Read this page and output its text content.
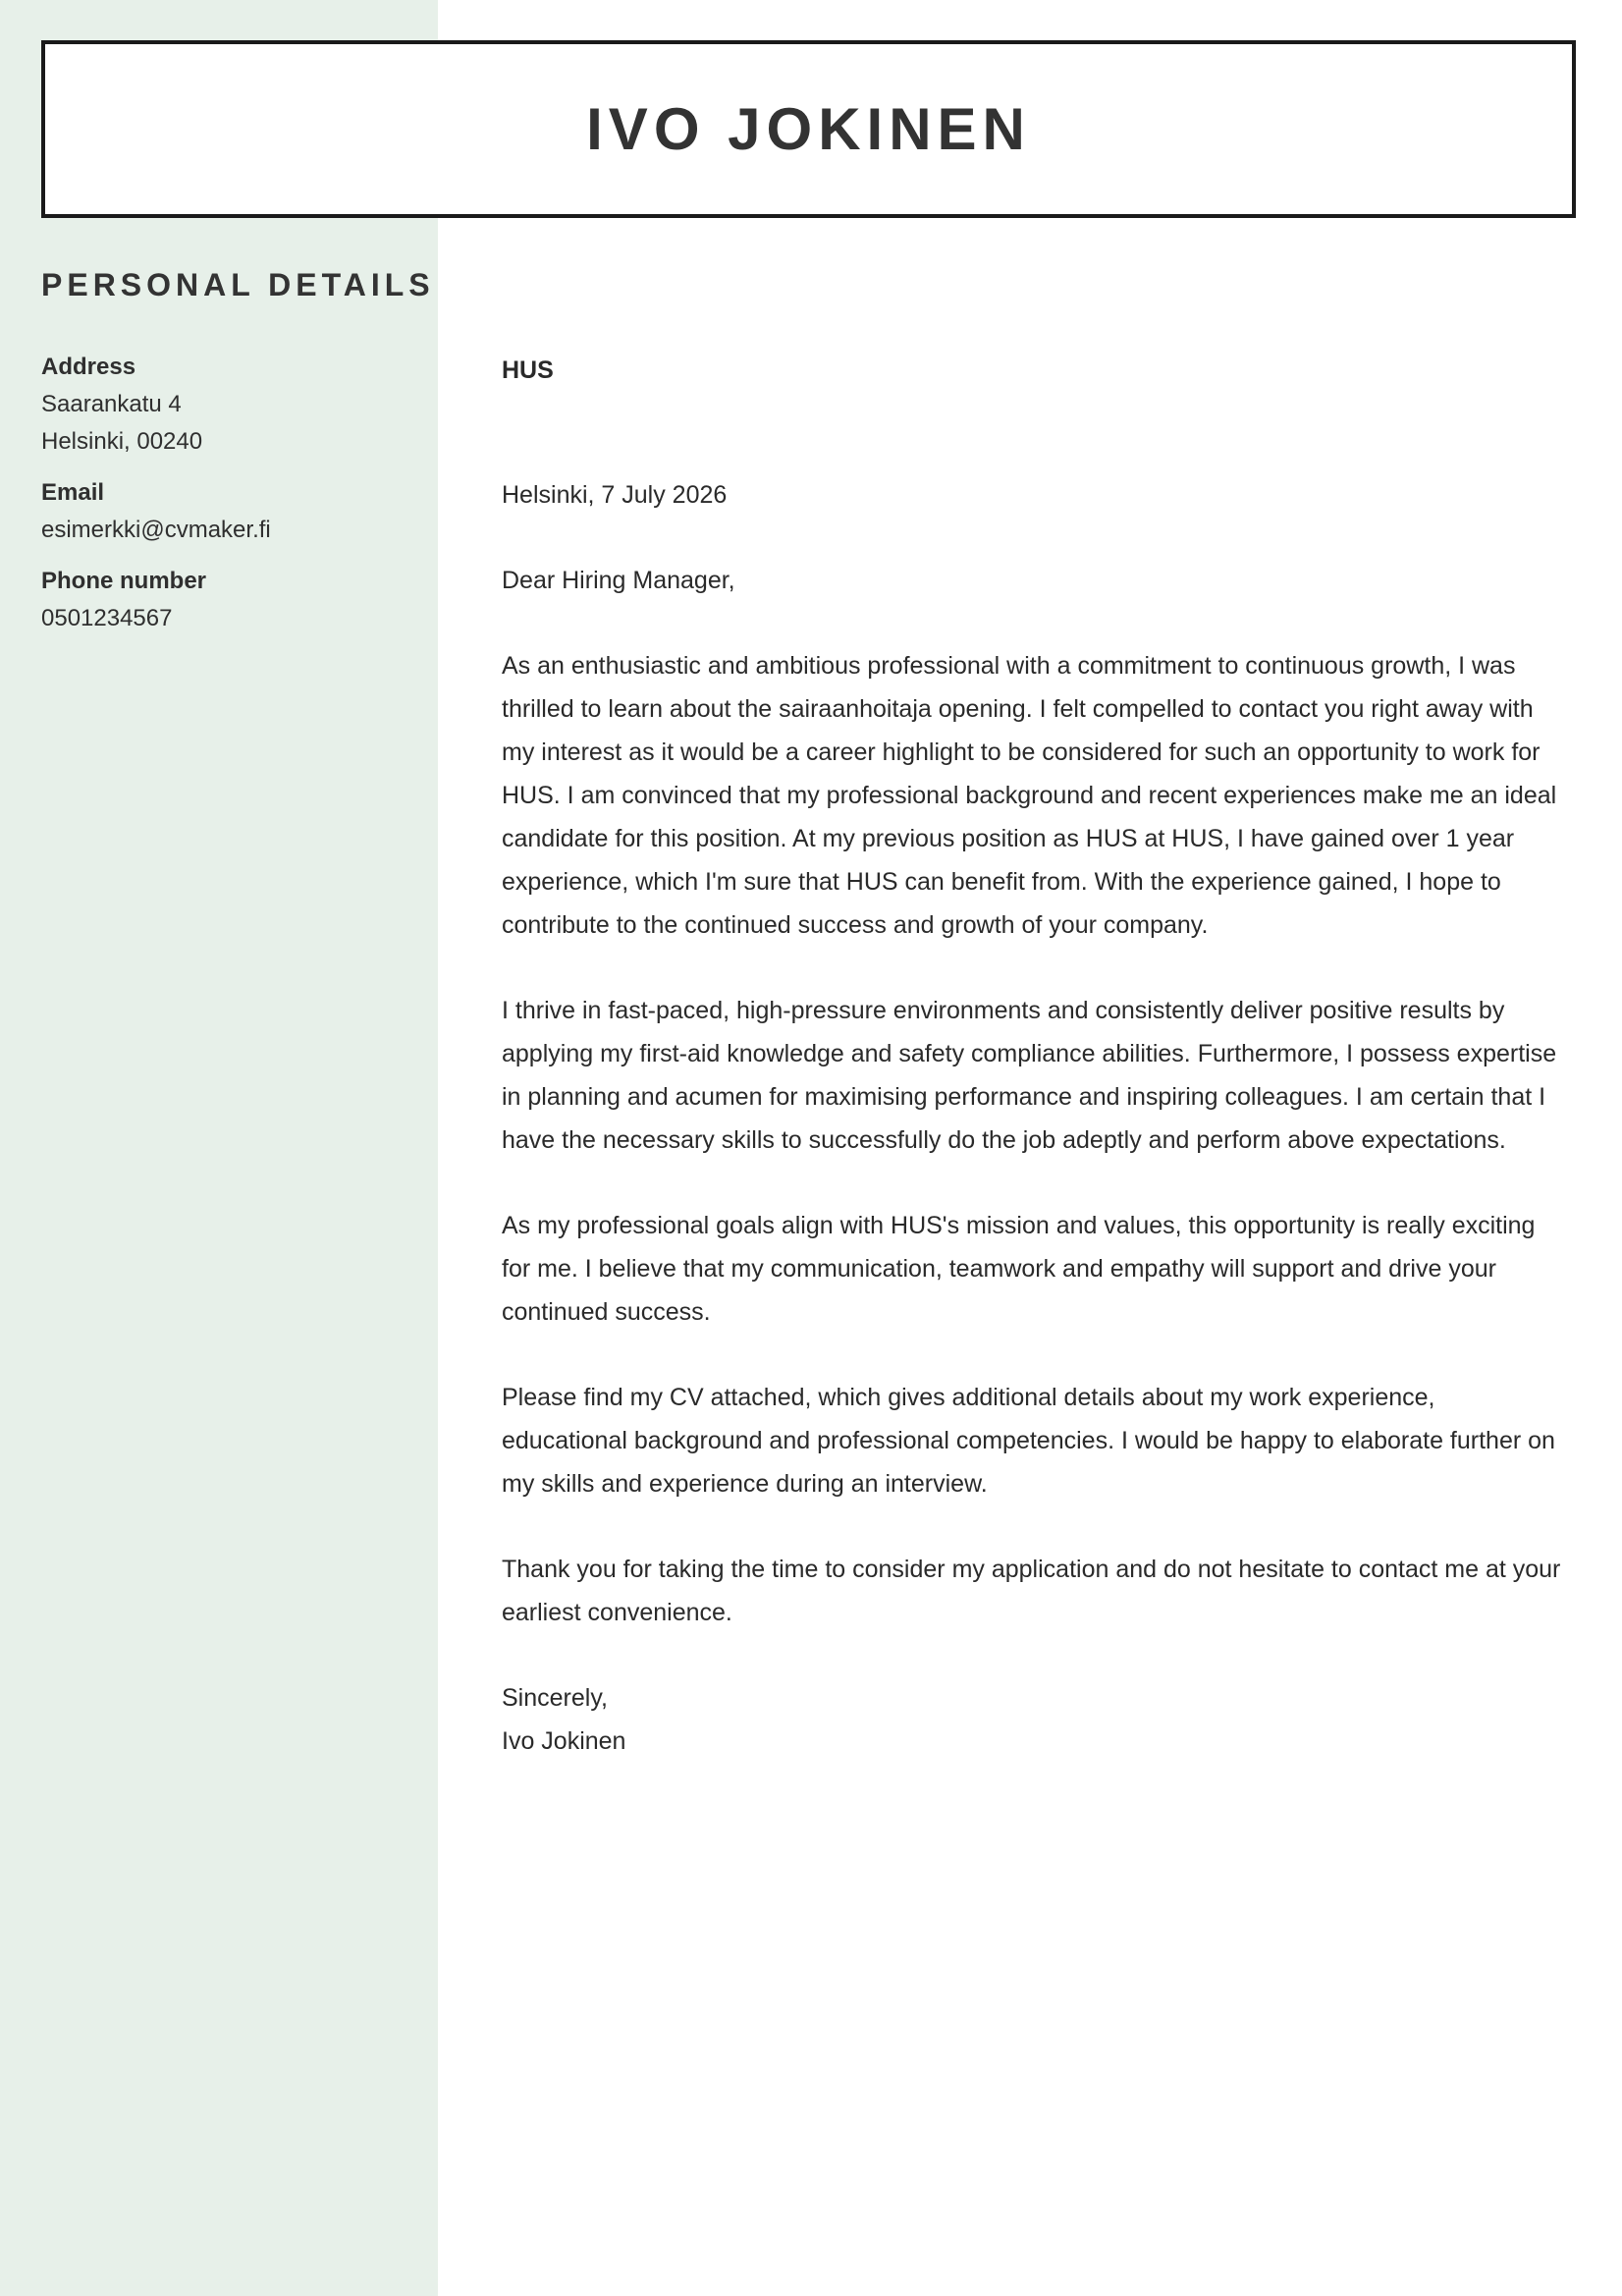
IVO JOKINEN
PERSONAL DETAILS
Address
Saarankatu 4
Helsinki, 00240
Email
esimerkki@cvmaker.fi
Phone number
0501234567

HUS

Helsinki, 7 July 2026

Dear Hiring Manager,

As an enthusiastic and ambitious professional with a commitment to continuous growth, I was thrilled to learn about the sairaanhoitaja opening. I felt compelled to contact you right away with my interest as it would be a career highlight to be considered for such an opportunity to work for HUS. I am convinced that my professional background and recent experiences make me an ideal candidate for this position. At my previous position as HUS at HUS, I have gained over 1 year experience, which I'm sure that HUS can benefit from. With the experience gained, I hope to contribute to the continued success and growth of your company.

I thrive in fast-paced, high-pressure environments and consistently deliver positive results by applying my first-aid knowledge and safety compliance abilities. Furthermore, I possess expertise in planning and acumen for maximising performance and inspiring colleagues. I am certain that I have the necessary skills to successfully do the job adeptly and perform above expectations.

As my professional goals align with HUS's mission and values, this opportunity is really exciting for me. I believe that my communication, teamwork and empathy will support and drive your continued success.

Please find my CV attached, which gives additional details about my work experience, educational background and professional competencies. I would be happy to elaborate further on my skills and experience during an interview.

Thank you for taking the time to consider my application and do not hesitate to contact me at your earliest convenience.

Sincerely,

Ivo Jokinen
